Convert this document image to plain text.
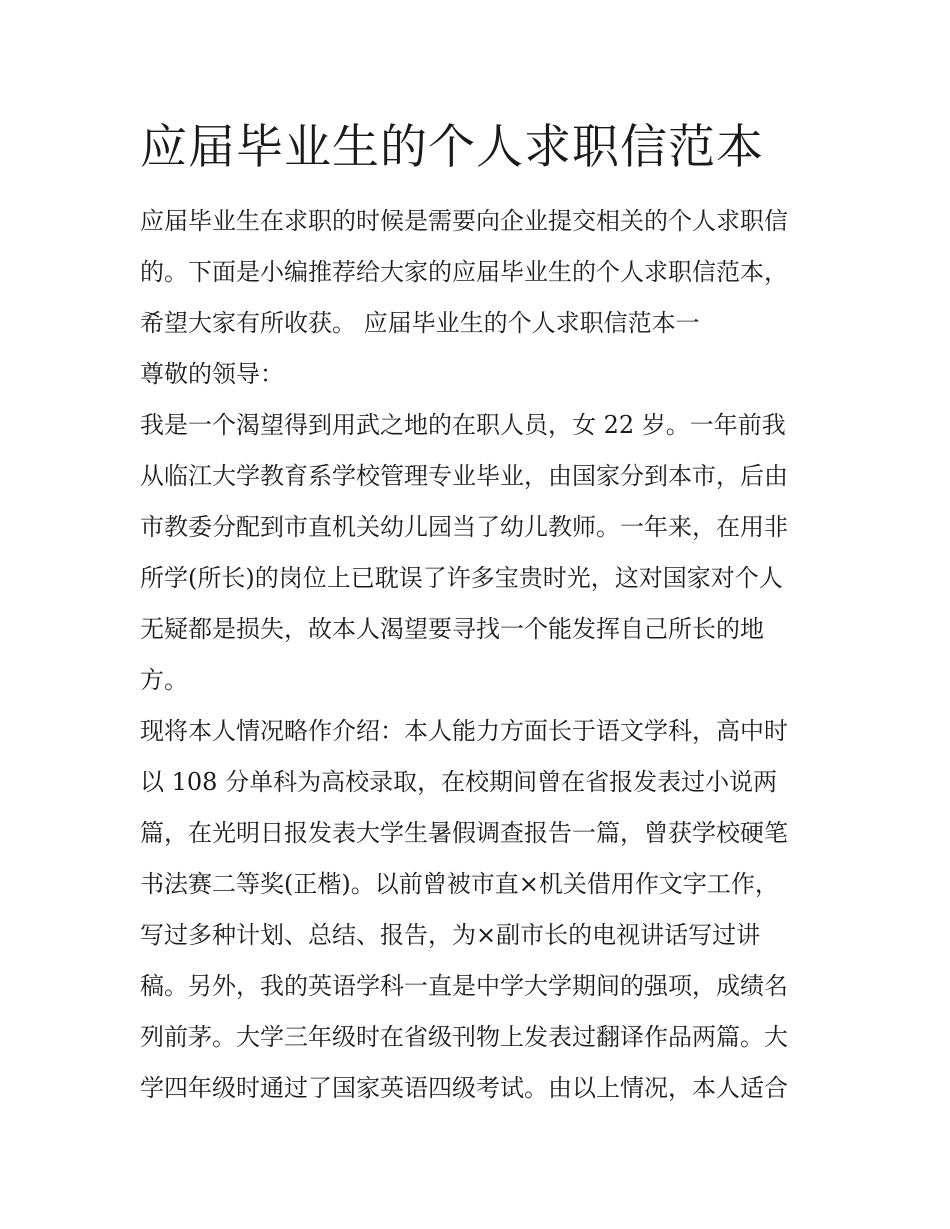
应届毕业生的个人求职信范本
应届毕业生在求职的时候是需要向企业提交相关的个人求职信
的。下面是小编推荐给大家的应届毕业生的个人求职信范本，
希望大家有所收获。 应届毕业生的个人求职信范本一
尊敬的领导：
我是一个渴望得到用武之地的在职人员，女 22 岁。一年前我
从临江大学教育系学校管理专业毕业，由国家分到本市，后由
市教委分配到市直机关幼儿园当了幼儿教师。一年来，在用非
所学(所长)的岗位上已耽误了许多宝贵时光，这对国家对个人
无疑都是损失，故本人渴望要寻找一个能发挥自己所长的地
方。
现将本人情况略作介绍：本人能力方面长于语文学科，高中时
以 108 分单科为高校录取，在校期间曾在省报发表过小说两
篇，在光明日报发表大学生暑假调查报告一篇，曾获学校硬笔
书法赛二等奖(正楷)。以前曾被市直×机关借用作文字工作，
写过多种计划、总结、报告，为×副市长的电视讲话写过讲
稿。另外，我的英语学科一直是中学大学期间的强项，成绩名
列前茅。大学三年级时在省级刊物上发表过翻译作品两篇。大
学四年级时通过了国家英语四级考试。由以上情况，本人适合
